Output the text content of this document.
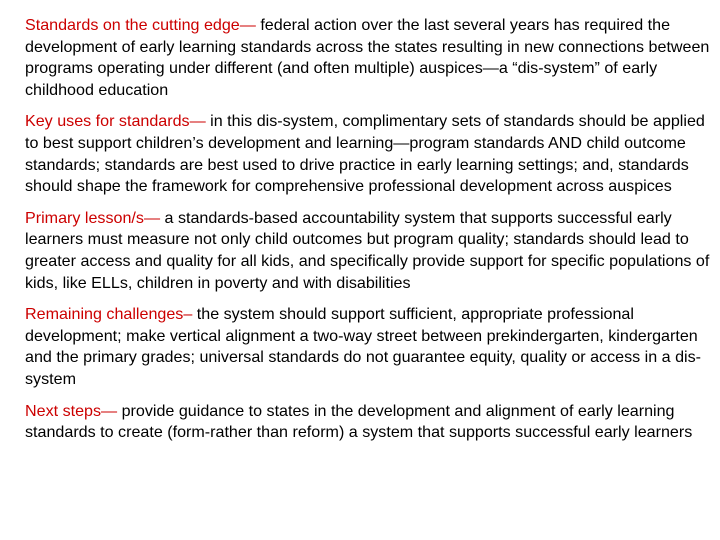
Standards on the cutting edge— federal action over the last several years has required the development of early learning standards across the states resulting in new connections between programs operating under different (and often multiple) auspices—a “dis-system” of early childhood education

Key uses for standards— in this dis-system, complimentary sets of standards should be applied to best support children’s development and learning—program standards AND child outcome standards; standards are best used to drive practice in early learning settings; and, standards should shape the framework for comprehensive professional development across auspices

Primary lesson/s— a standards-based accountability system that supports successful early learners must measure not only child outcomes but program quality; standards should lead to greater access and quality for all kids, and specifically provide support for specific populations of kids, like ELLs, children in poverty and with disabilities

Remaining challenges– the system should support sufficient, appropriate professional development; make vertical alignment a two-way street between prekindergarten, kindergarten and the primary grades; universal standards do not guarantee equity, quality or access in a dis-system

Next steps— provide guidance to states in the development and alignment of early learning standards to create (form-rather than reform) a system that supports successful early learners
